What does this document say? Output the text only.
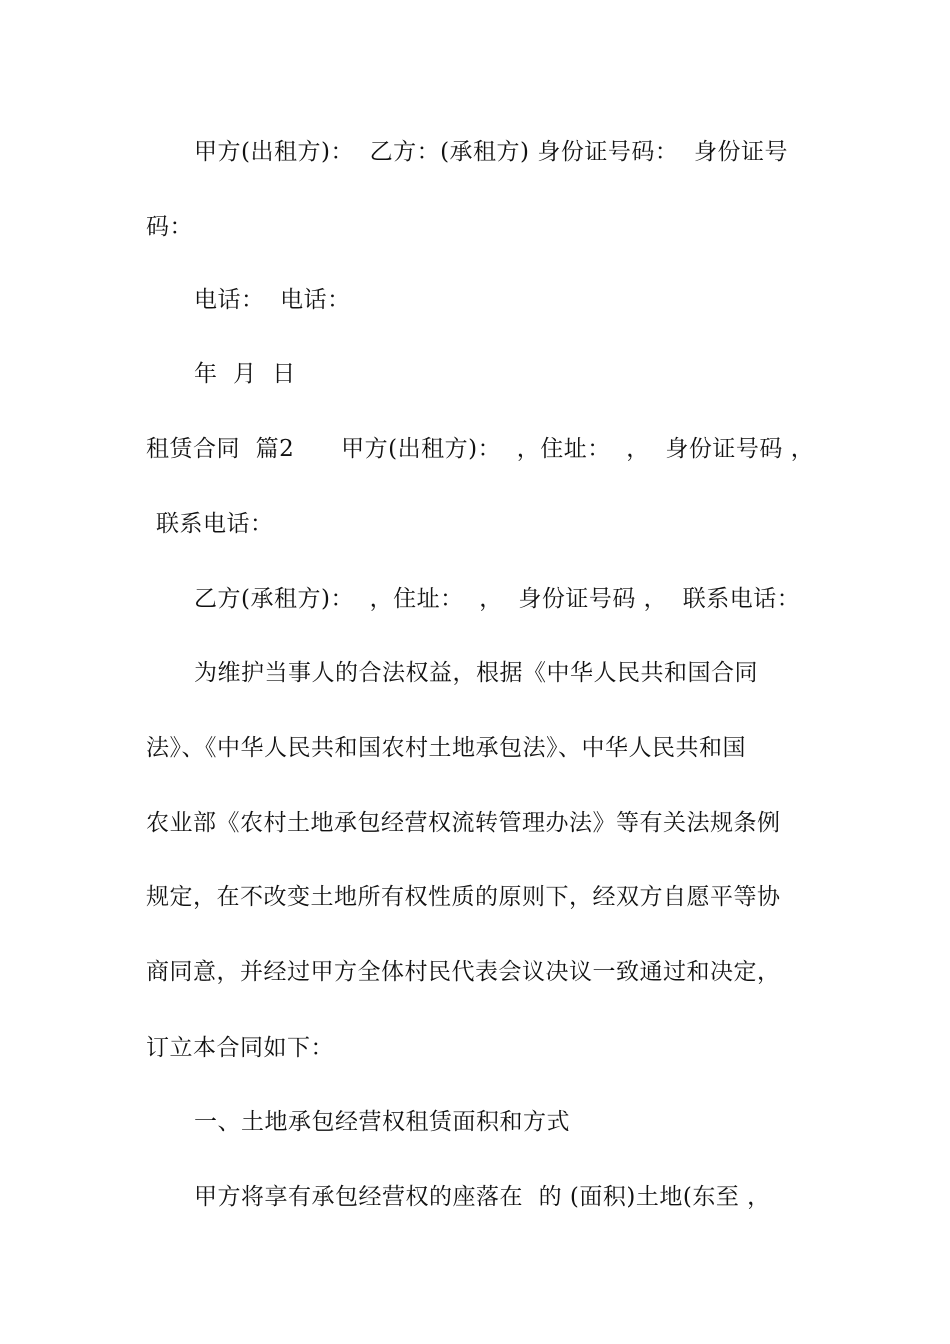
甲方(出租方)：  乙方：(承租方) 身份证号码：  身份证号
码：
电话：  电话：
年  月  日
租赁合同  篇2      甲方(出租方)：  ，住址：  ，  身份证号码 ，
联系电话：
乙方(承租方)：  ，住址：  ，  身份证号码 ，  联系电话：
为维护当事人的合法权益，根据《中华人民共和国合同
法》、《中华人民共和国农村土地承包法》、中华人民共和国
农业部《农村土地承包经营权流转管理办法》等有关法规条例
规定，在不改变土地所有权性质的原则下，经双方自愿平等协
商同意，并经过甲方全体村民代表会议决议一致通过和决定，
订立本合同如下：
一、土地承包经营权租赁面积和方式
甲方将享有承包经营权的座落在  的 (面积)土地(东至 ，
